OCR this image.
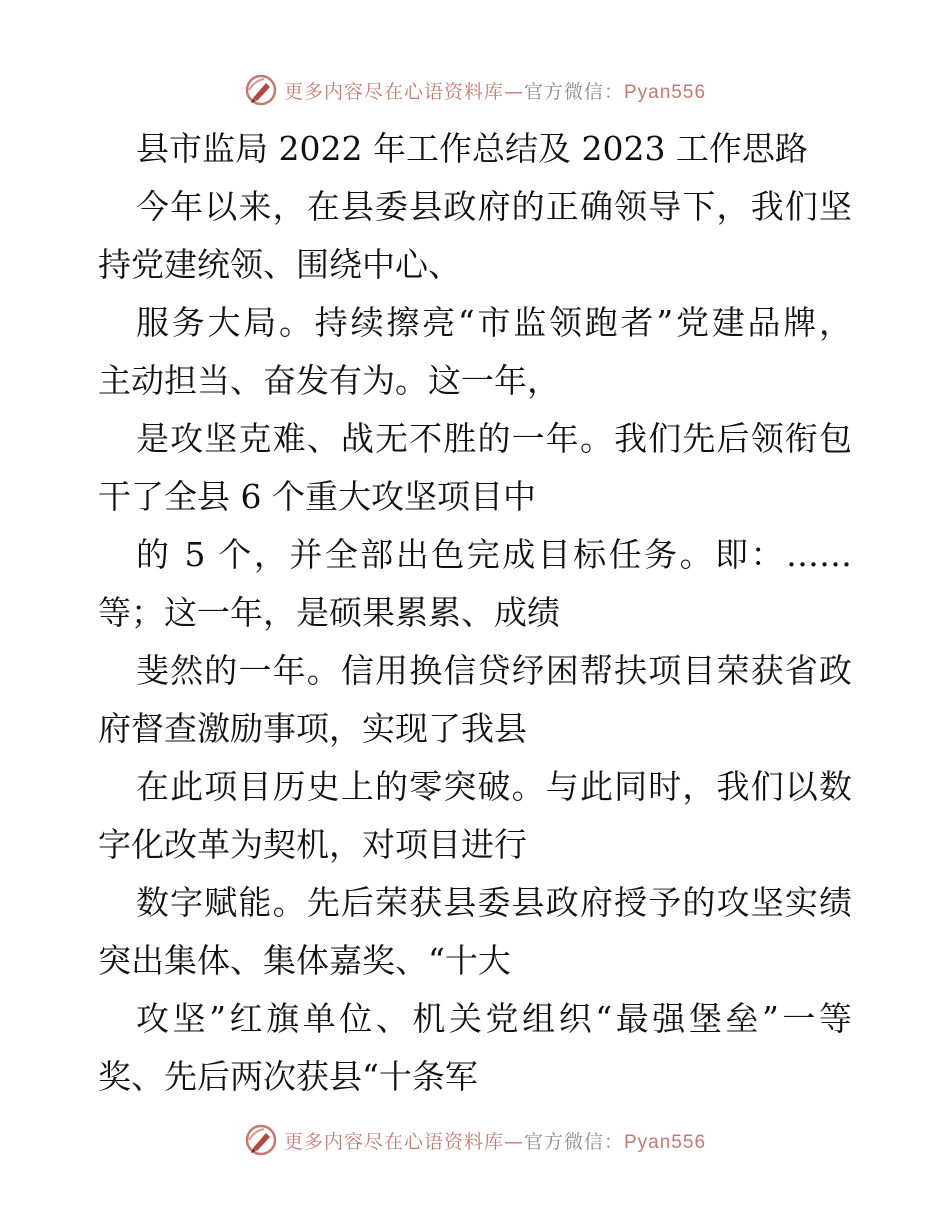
更多内容尽在心语资料库—官方微信：Pyan556
县市监局 2022 年工作总结及 2023 工作思路
今年以来，在县委县政府的正确领导下，我们坚
持党建统领、围绕中心、
服务大局。持续擦亮“市监领跑者”党建品牌，
主动担当、奋发有为。这一年，
是攻坚克难、战无不胜的一年。我们先后领衔包
干了全县 6 个重大攻坚项目中
的 5 个，并全部出色完成目标任务。即：……
等；这一年，是硕果累累、成绩
斐然的一年。信用换信贷纾困帮扶项目荣获省政
府督查激励事项，实现了我县
在此项目历史上的零突破。与此同时，我们以数
字化改革为契机，对项目进行
数字赋能。先后荣获县委县政府授予的攻坚实绩
突出集体、集体嘉奖、“十大
攻坚”红旗单位、机关党组织“最强堡垒”一等
奖、先后两次获县“十条军
更多内容尽在心语资料库—官方微信：Pyan556
